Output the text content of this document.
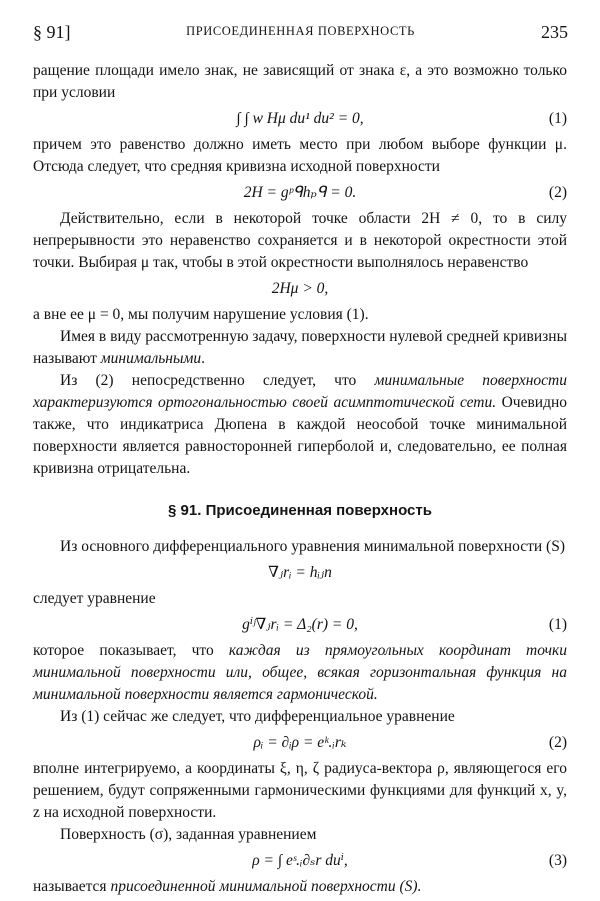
§ 91]	ПРИСОЕДИНЕННАЯ ПОВЕРХНОСТЬ	235

ращение площади имело знак, не зависящий от знака ε, а это возможно только при условии

∫ ∫ w Hμ du¹ du² = 0,	(1)

причем это равенство должно иметь место при любом выборе функции μ. Отсюда следует, что средняя кривизна исходной поверхности

2H = gᵖᑫhₚᑫ = 0.	(2)

Действительно, если в некоторой точке области 2H ≠ 0, то в силу непрерывности это неравенство сохраняется и в некоторой окрестности этой точки. Выбирая μ так, чтобы в этой окрестности выполнялось неравенство

2Hμ > 0,

а вне ее μ = 0, мы получим нарушение условия (1).

Имея в виду рассмотренную задачу, поверхности нулевой средней кривизны называют минимальными.

Из (2) непосредственно следует, что минимальные поверхности характеризуются ортогональностью своей асимптотической сети. Очевидно также, что индикатриса Дюпена в каждой неособой точке минимальной поверхности является равносторонней гиперболой и, следовательно, ее полная кривизна отрицательна.

§ 91. Присоединенная поверхность

Из основного дифференциального уравнения минимальной поверхности (S)

∇ⱼrᵢ = hᵢⱼn

следует уравнение

gⁱʲ∇ⱼrᵢ = Δ₂(r) = 0,	(1)

которое показывает, что каждая из прямоугольных координат точки минимальной поверхности или, общее, всякая горизонтальная функция на минимальной поверхности является гармонической.

Из (1) сейчас же следует, что дифференциальное уравнение

ρᵢ = ∂ᵢρ = eᵏ.ᵢrₖ	(2)

вполне интегрируемо, а координаты ξ, η, ζ радиуса-вектора ρ, являющегося его решением, будут сопряженными гармоническими функциями для функций x, y, z на исходной поверхности.

Поверхность (σ), заданная уравнением

ρ = ∫ eˢ.ᵢ∂ₛr duⁱ,	(3)

называется присоединенной минимальной поверхности (S).
